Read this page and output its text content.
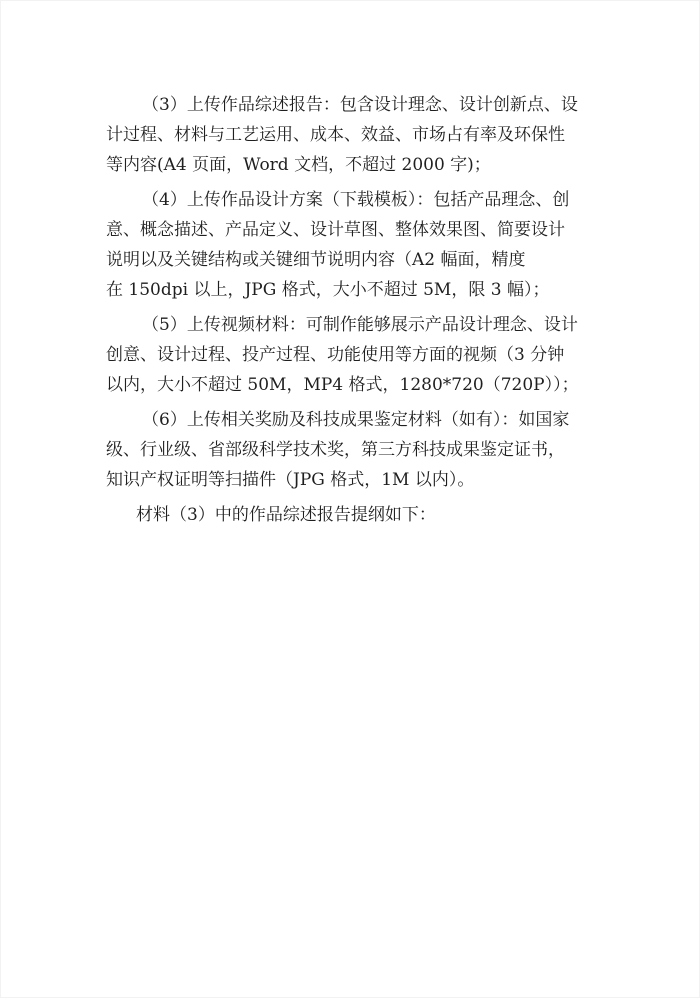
（3）上传作品综述报告：包含设计理念、设计创新点、设
计过程、材料与工艺运用、成本、效益、市场占有率及环保性
等内容(A4 页面，Word 文档，不超过 2000 字)；

（4）上传作品设计方案（下载模板）：包括产品理念、创
意、概念描述、产品定义、设计草图、整体效果图、简要设计
说明以及关键结构或关键细节说明内容（A2 幅面，精度
在 150dpi 以上，JPG 格式，大小不超过 5M，限 3 幅）；

（5）上传视频材料：可制作能够展示产品设计理念、设计
创意、设计过程、投产过程、功能使用等方面的视频（3 分钟
以内，大小不超过 50M，MP4 格式，1280*720（720P））；

（6）上传相关奖励及科技成果鉴定材料（如有）：如国家
级、行业级、省部级科学技术奖，第三方科技成果鉴定证书，
知识产权证明等扫描件（JPG 格式，1M 以内）。

材料（3）中的作品综述报告提纲如下：
